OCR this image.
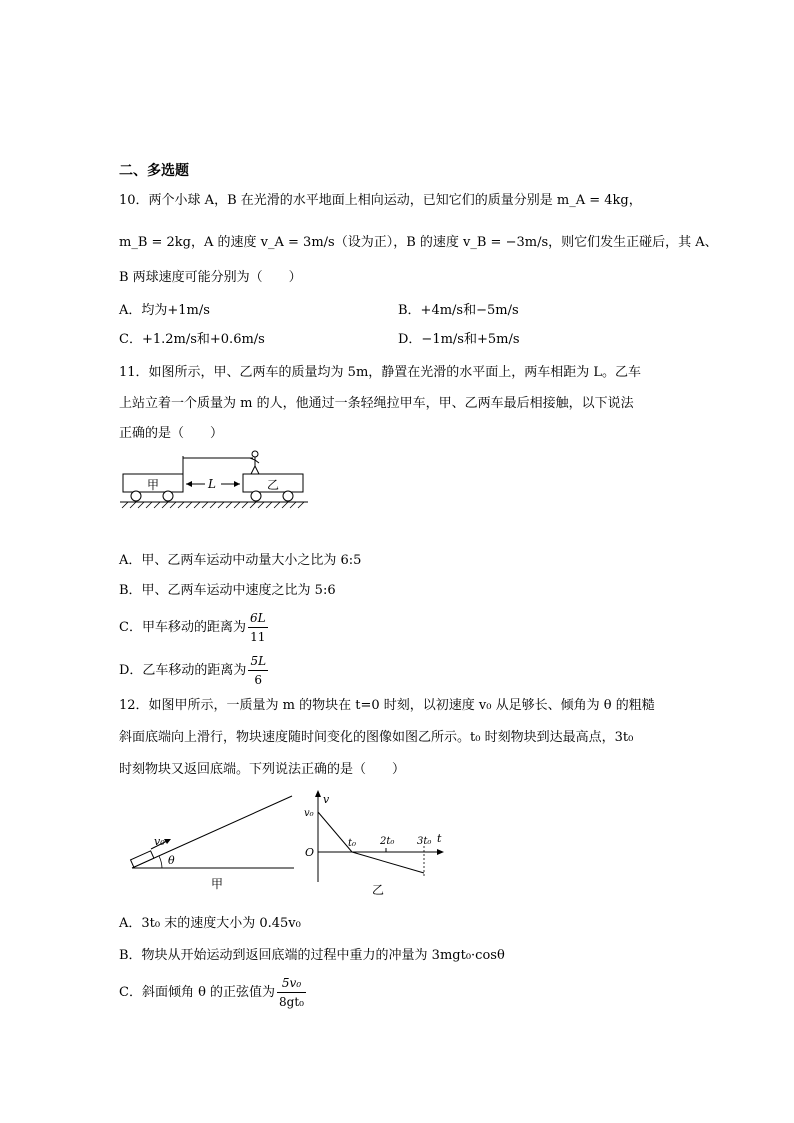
二、多选题
10．两个小球 A，B 在光滑的水平地面上相向运动，已知它们的质量分别是 m_A = 4kg，
m_B = 2kg，A 的速度 v_A = 3m/s（设为正），B 的速度 v_B = −3m/s，则它们发生正碰后，其 A、
B 两球速度可能分别为（　　）
A．均为+1m/s	B．+4m/s和−5m/s
C．+1.2m/s和+0.6m/s	D．−1m/s和+5m/s
11．如图所示，甲、乙两车的质量均为 5m，静置在光滑的水平面上，两车相距为 L。乙车
上站立着一个质量为 m 的人，他通过一条轻绳拉甲车，甲、乙两车最后相接触，以下说法
正确的是（　　）
甲	L	乙
A．甲、乙两车运动中动量大小之比为 6:5
B．甲、乙两车运动中速度之比为 5:6
C．甲车移动的距离为 $\frac{6L}{11}$
D．乙车移动的距离为 $\frac{5L}{6}$
12．如图甲所示，一质量为 m 的物块在 t=0 时刻，以初速度 v₀ 从足够长、倾角为 θ 的粗糙
斜面底端向上滑行，物块速度随时间变化的图像如图乙所示。t₀ 时刻物块到达最高点，3t₀
时刻物块又返回底端。下列说法正确的是（　　）
v₀
θ
甲
v
t
O
v₀
t₀ 2t₀ 3t₀
乙
A．3t₀ 末的速度大小为 0.45v₀
B．物块从开始运动到返回底端的过程中重力的冲量为 3mgt₀·cosθ
C．斜面倾角 θ 的正弦值为 $\frac{\text{5v₀}}{\text{8gt₀}}$
